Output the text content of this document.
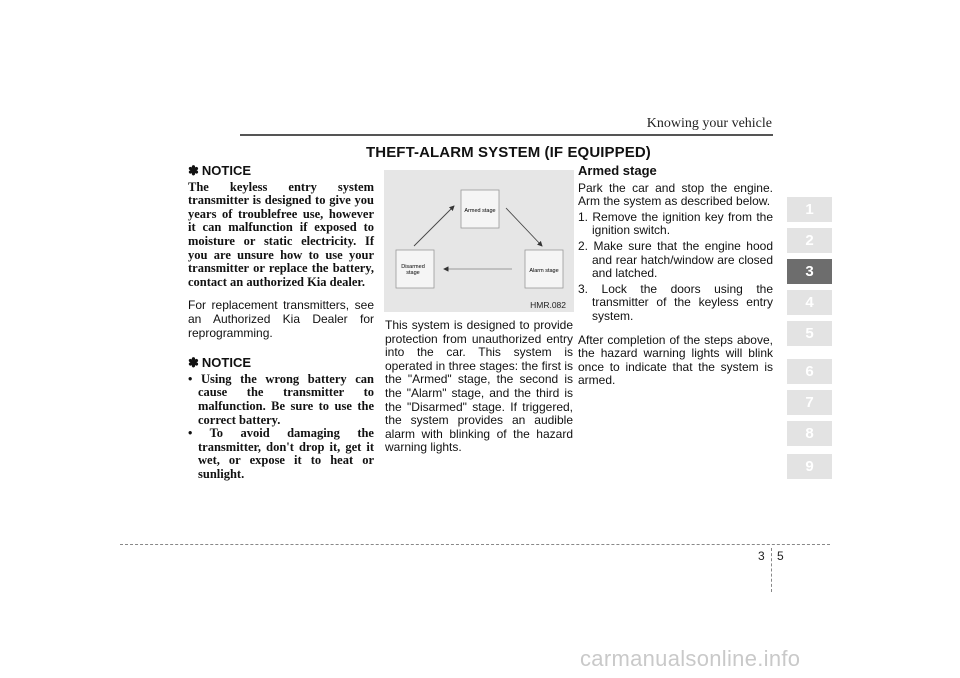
Knowing your vehicle
THEFT-ALARM SYSTEM (IF EQUIPPED)
✽ NOTICE
The keyless entry system transmitter is designed to give you years of troublefree use, however it can malfunction if exposed to moisture or static electricity. If you are unsure how to use your transmitter or replace the battery, contact an authorized Kia dealer.

For replacement transmitters, see an Authorized Kia Dealer for reprogramming.

✽ NOTICE
• Using the wrong battery can cause the transmitter to malfunction. Be sure to use the correct battery.
• To avoid damaging the transmitter, don't drop it, get it wet, or expose it to heat or sunlight.
Armed stage
Alarm stage
Disarmed
stage
HMR.082

This system is designed to provide protection from unauthorized entry into the car. This system is operated in three stages: the first is the "Armed" stage, the second is the "Alarm" stage, and the third is the "Disarmed" stage. If triggered, the system provides an audible alarm with blinking of the hazard warning lights.

Armed stage

Park the car and stop the engine. Arm the system as described below.

1. Remove the ignition key from the ignition switch.
2. Make sure that the engine hood and rear hatch/window are closed and latched.
3. Lock the doors using the transmitter of the keyless entry system.

After completion of the steps above, the hazard warning lights will blink once to indicate that the system is armed.

1
2
3
4
5
6
7
8
9
3 5
carmanualsonline.info
